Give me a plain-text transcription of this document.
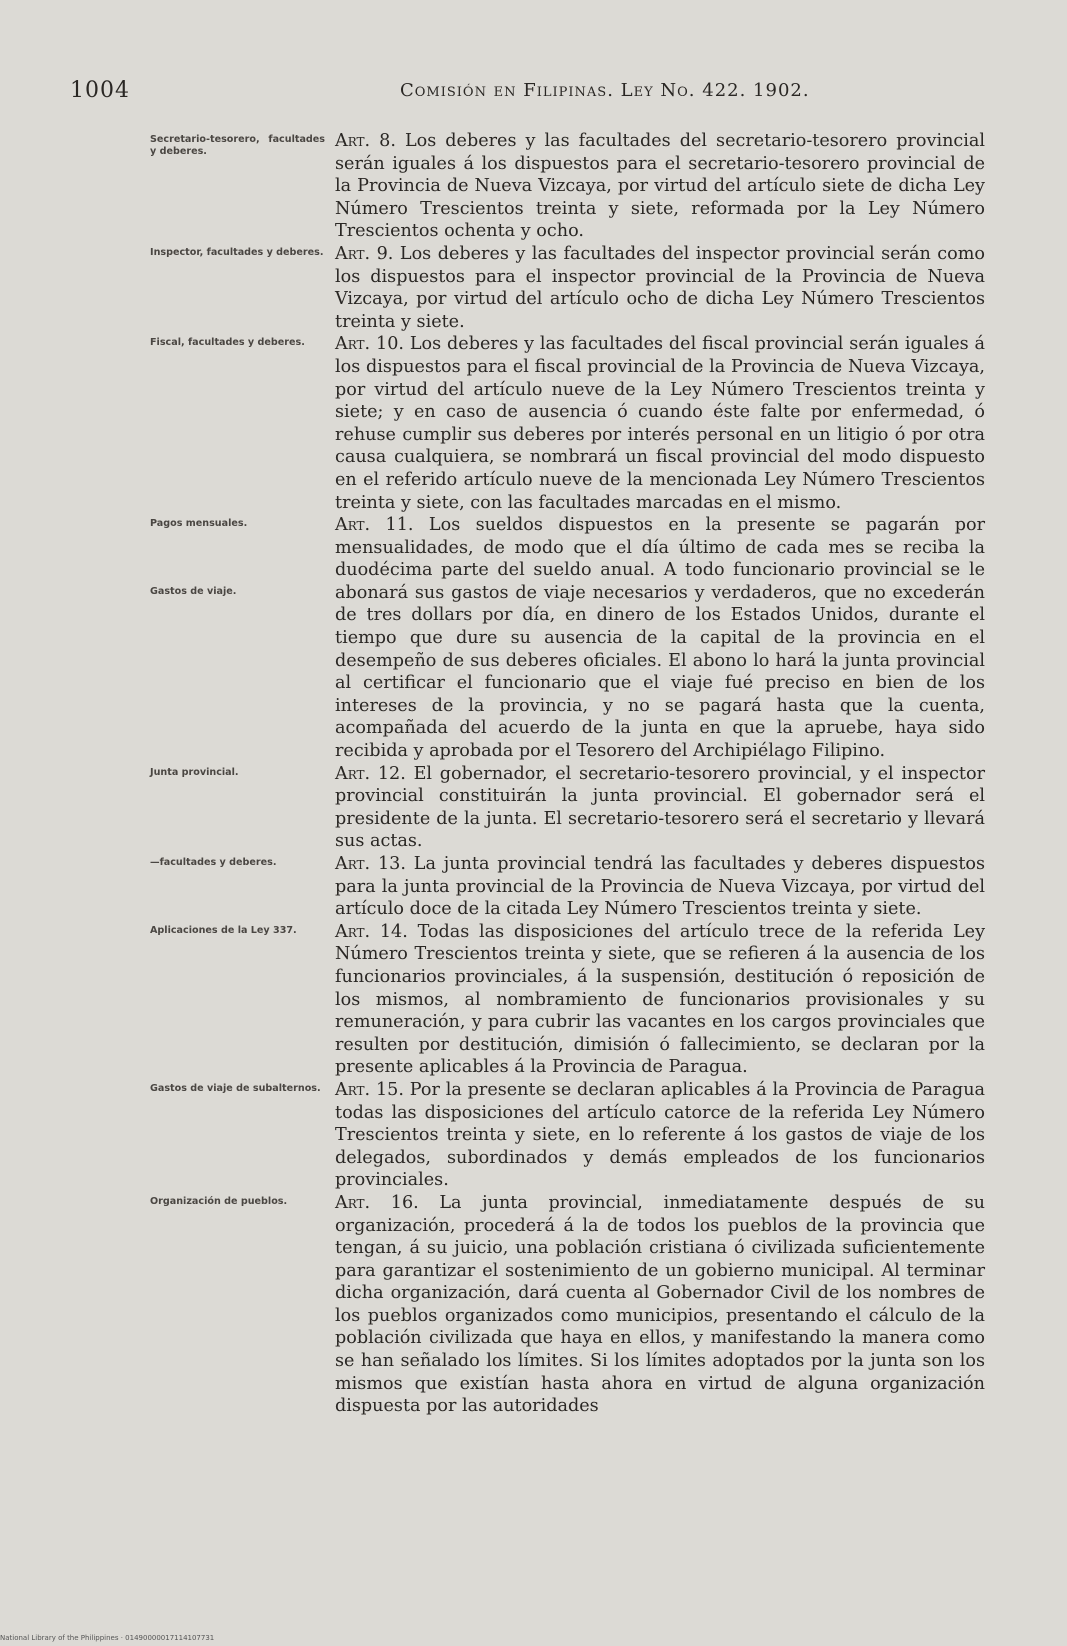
1004	Comisión en Filipinas. Ley No. 422. 1902.
Secretario-tesorero, facultades y deberes.
Art. 8. Los deberes y las facultades del secretario-tesorero provincial serán iguales á los dispuestos para el secretario-tesorero provincial de la Provincia de Nueva Vizcaya, por virtud del artículo siete de dicha Ley Número Trescientos treinta y siete, reformada por la Ley Número Trescientos ochenta y ocho.
Inspector, facultades y deberes. Art. 9. Los deberes y las facultades del inspector provincial serán como los dispuestos para el inspector provincial de la Provincia de Nueva Vizcaya, por virtud del artículo ocho de dicha Ley Número Trescientos treinta y siete.
Fiscal, facultades y deberes.	Art. 10. Los deberes y las facultades del fiscal provincial serán iguales á los dispuestos para el fiscal provincial de la Provincia de Nueva Vizcaya, por virtud del artículo nueve de la Ley Número Trescientos treinta y siete; y en caso de ausencia ó cuando éste falte por enfermedad, ó rehuse cumplir sus deberes por interés personal en un litigio ó por otra causa cualquiera, se nombrará un fiscal provincial del modo dispuesto en el referido artículo nueve de la mencionada Ley Número Trescientos treinta y siete, con las facultades marcadas en el mismo.
Pagos mensuales.
Gastos de viaje.
Art. 11. Los sueldos dispuestos en la presente se pagarán por mensualidades, de modo que el día último de cada mes se reciba la duodécima parte del sueldo anual. A todo funcionario provincial se le abonará sus gastos de viaje necesarios y verdaderos, que no excederán de tres dollars por día, en dinero de los Estados Unidos, durante el tiempo que dure su ausencia de la capital de la provincia en el desempeño de sus deberes oficiales. El abono lo hará la junta provincial al certificar el funcionario que el viaje fué preciso en bien de los intereses de la provincia, y no se pagará hasta que la cuenta, acompañada del acuerdo de la junta en que la apruebe, haya sido recibida y aprobada por el Tesorero del Archipiélago Filipino.
Junta provincial.	Art. 12. El gobernador, el secretario-tesorero provincial, y el inspector provincial constituirán la junta provincial. El gobernador será el presidente de la junta. El secretario-tesorero será el secretario y llevará sus actas.
—facultades y deberes.	Art. 13. La junta provincial tendrá las facultades y deberes dispuestos para la junta provincial de la Provincia de Nueva Vizcaya, por virtud del artículo doce de la citada Ley Número Trescientos treinta y siete.
Aplicaciones de la Ley 337.	Art. 14. Todas las disposiciones del artículo trece de la referida Ley Número Trescientos treinta y siete, que se refieren á la ausencia de los funcionarios provinciales, á la suspensión, destitución ó reposición de los mismos, al nombramiento de funcionarios provisionales y su remuneración, y para cubrir las vacantes en los cargos provinciales que resulten por destitución, dimisión ó fallecimiento, se declaran por la presente aplicables á la Provincia de Paragua.
Gastos de viaje de subalternos. Art. 15. Por la presente se declaran aplicables á la Provincia de Paragua todas las disposiciones del artículo catorce de la referida Ley Número Trescientos treinta y siete, en lo referente á los gastos de viaje de los delegados, subordinados y demás empleados de los funcionarios provinciales.
Organización de pueblos.	Art. 16. La junta provincial, inmediatamente después de su organización, procederá á la de todos los pueblos de la provincia que tengan, á su juicio, una población cristiana ó civilizada suficientemente para garantizar el sostenimiento de un gobierno municipal. Al terminar dicha organización, dará cuenta al Gobernador Civil de los nombres de los pueblos organizados como municipios, presentando el cálculo de la población civilizada que haya en ellos, y manifestando la manera como se han señalado los límites. Si los límites adoptados por la junta son los mismos que existían hasta ahora en virtud de alguna organización dispuesta por las autoridades
National Library of the Philippines · 01490000017114107731
